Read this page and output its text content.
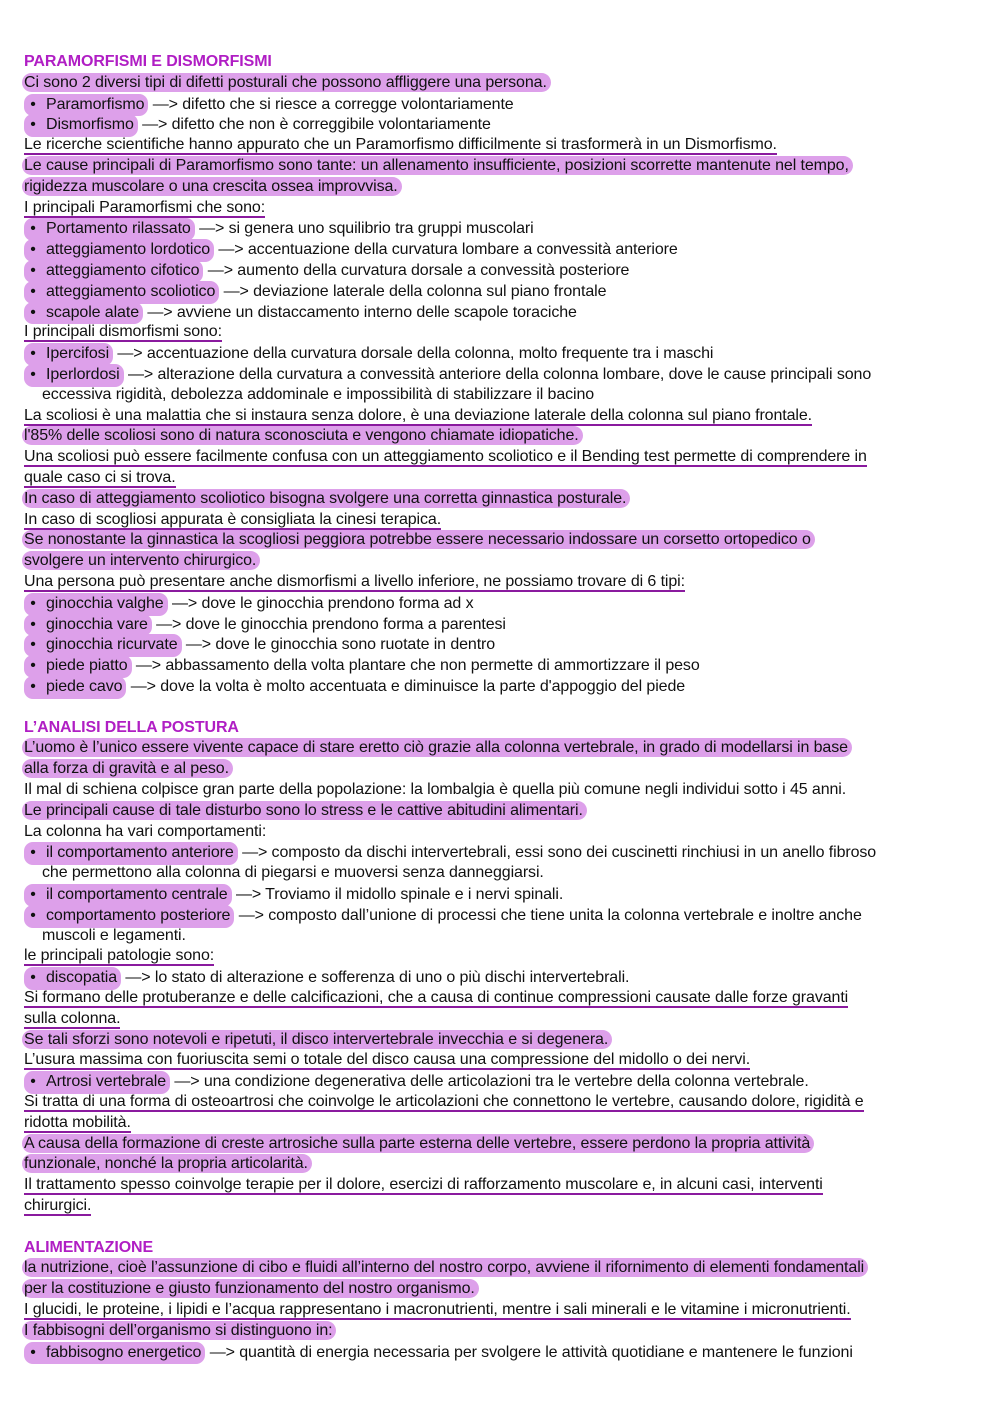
PARAMORFISMI E DISMORFISMI
Ci sono 2 diversi tipi di difetti posturali che possono affliggere una persona.
• Paramorfismo —> difetto che si riesce a corregge volontariamente
• Dismorfismo —> difetto che non è correggibile volontariamente
Le ricerche scientifiche hanno appurato che un Paramorfismo difficilmente si trasformerà in un Dismorfismo.
Le cause principali di Paramorfismo sono tante: un allenamento insufficiente, posizioni scorrette mantenute nel tempo,
rigidezza muscolare o una crescita ossea improvvisa.
I principali Paramorfismi che sono:
• Portamento rilassato —> si genera uno squilibrio tra gruppi muscolari
• atteggiamento lordotico —> accentuazione della curvatura lombare a convessità anteriore
• atteggiamento cifotico —> aumento della curvatura dorsale a convessità posteriore
• atteggiamento scoliotico —> deviazione laterale della colonna sul piano frontale
• scapole alate —> avviene un distaccamento interno delle scapole toraciche
I principali dismorfismi sono:
• Ipercifosi —> accentuazione della curvatura dorsale della colonna, molto frequente tra i maschi
• Iperlordosi —> alterazione della curvatura a convessità anteriore della colonna lombare, dove le cause principali sono
eccessiva rigidità, debolezza addominale e impossibilità di stabilizzare il bacino
La scoliosi è una malattia che si instaura senza dolore, è una deviazione laterale della colonna sul piano frontale.
l'85% delle scoliosi sono di natura sconosciuta e vengono chiamate idiopatiche.
Una scoliosi può essere facilmente confusa con un atteggiamento scoliotico e il Bending test permette di comprendere in
quale caso ci si trova.
In caso di atteggiamento scoliotico bisogna svolgere una corretta ginnastica posturale.
In caso di scogliosi appurata è consigliata la cinesi terapica.
Se nonostante la ginnastica la scogliosi peggiora potrebbe essere necessario indossare un corsetto ortopedico o
svolgere un intervento chirurgico.
Una persona può presentare anche dismorfismi a livello inferiore, ne possiamo trovare di 6 tipi:
• ginocchia valghe —> dove le ginocchia prendono forma ad x
• ginocchia vare —> dove le ginocchia prendono forma a parentesi
• ginocchia ricurvate —> dove le ginocchia sono ruotate in dentro
• piede piatto —> abbassamento della volta plantare che non permette di ammortizzare il peso
• piede cavo —> dove la volta è molto accentuata e diminuisce la parte d'appoggio del piede
L’ANALISI DELLA POSTURA
L’uomo è l’unico essere vivente capace di stare eretto ciò grazie alla colonna vertebrale, in grado di modellarsi in base
alla forza di gravità e al peso.
Il mal di schiena colpisce gran parte della popolazione: la lombalgia è quella più comune negli individui sotto i 45 anni.
Le principali cause di tale disturbo sono lo stress e le cattive abitudini alimentari.
La colonna ha vari comportamenti:
• il comportamento anteriore —> composto da dischi intervertebrali, essi sono dei cuscinetti rinchiusi in un anello fibroso
che permettono alla colonna di piegarsi e muoversi senza danneggiarsi.
• il comportamento centrale —> Troviamo il midollo spinale e i nervi spinali.
• comportamento posteriore —> composto dall’unione di processi che tiene unita la colonna vertebrale e inoltre anche
muscoli e legamenti.
le principali patologie sono:
• discopatia —> lo stato di alterazione e sofferenza di uno o più dischi intervertebrali.
Si formano delle protuberanze e delle calcificazioni, che a causa di continue compressioni causate dalle forze gravanti
sulla colonna.
Se tali sforzi sono notevoli e ripetuti, il disco intervertebrale invecchia e si degenera.
L’usura massima con fuoriuscita semi o totale del disco causa una compressione del midollo o dei nervi.
• Artrosi vertebrale —> una condizione degenerativa delle articolazioni tra le vertebre della colonna vertebrale.
Si tratta di una forma di osteoartrosi che coinvolge le articolazioni che connettono le vertebre, causando dolore, rigidità e
ridotta mobilità.
A causa della formazione di creste artrosiche sulla parte esterna delle vertebre, essere perdono la propria attività
funzionale, nonché la propria articolarità.
Il trattamento spesso coinvolge terapie per il dolore, esercizi di rafforzamento muscolare e, in alcuni casi, interventi
chirurgici.
ALIMENTAZIONE
la nutrizione, cioè l’assunzione di cibo e fluidi all’interno del nostro corpo, avviene il rifornimento di elementi fondamentali
per la costituzione e giusto funzionamento del nostro organismo.
I glucidi, le proteine, i lipidi e l’acqua rappresentano i macronutrienti, mentre i sali minerali e le vitamine i micronutrienti.
I fabbisogni dell’organismo si distinguono in:
• fabbisogno energetico —> quantità di energia necessaria per svolgere le attività quotidiane e mantenere le funzioni
